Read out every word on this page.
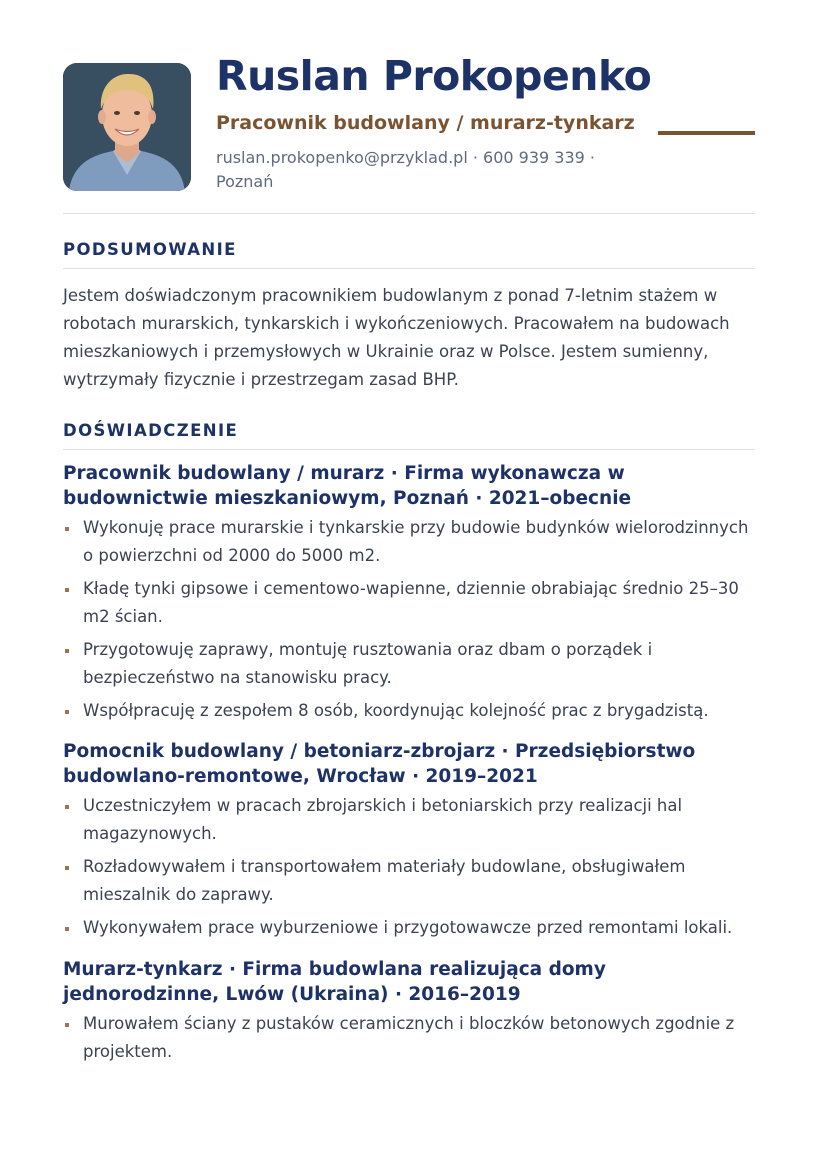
Ruslan Prokopenko
Pracownik budowlany / murarz-tynkarz
ruslan.prokopenko@przyklad.pl · 600 939 339 · Poznań
PODSUMOWANIE
Jestem doświadczonym pracownikiem budowlanym z ponad 7-letnim stażem w robotach murarskich, tynkarskich i wykończeniowych. Pracowałem na budowach mieszkaniowych i przemysłowych w Ukrainie oraz w Polsce. Jestem sumienny, wytrzymały fizycznie i przestrzegam zasad BHP.
DOŚWIADCZENIE
Pracownik budowlany / murarz · Firma wykonawcza w budownictwie mieszkaniowym, Poznań · 2021–obecnie
Wykonuję prace murarskie i tynkarskie przy budowie budynków wielorodzinnych o powierzchni od 2000 do 5000 m2.
Kładę tynki gipsowe i cementowo-wapienne, dziennie obrabiając średnio 25–30 m2 ścian.
Przygotowuję zaprawy, montuję rusztowania oraz dbam o porządek i bezpieczeństwo na stanowisku pracy.
Współpracuję z zespołem 8 osób, koordynując kolejność prac z brygadzistą.
Pomocnik budowlany / betoniarz-zbrojarz · Przedsiębiorstwo budowlano-remontowe, Wrocław · 2019–2021
Uczestniczyłem w pracach zbrojarskich i betoniarskich przy realizacji hal magazynowych.
Rozładowywałem i transportowałem materiały budowlane, obsługiwałem mieszalnik do zaprawy.
Wykonywałem prace wyburzeniowe i przygotowawcze przed remontami lokali.
Murarz-tynkarz · Firma budowlana realizująca domy jednorodzinne, Lwów (Ukraina) · 2016–2019
Murowałem ściany z pustaków ceramicznych i bloczków betonowych zgodnie z projektem.
